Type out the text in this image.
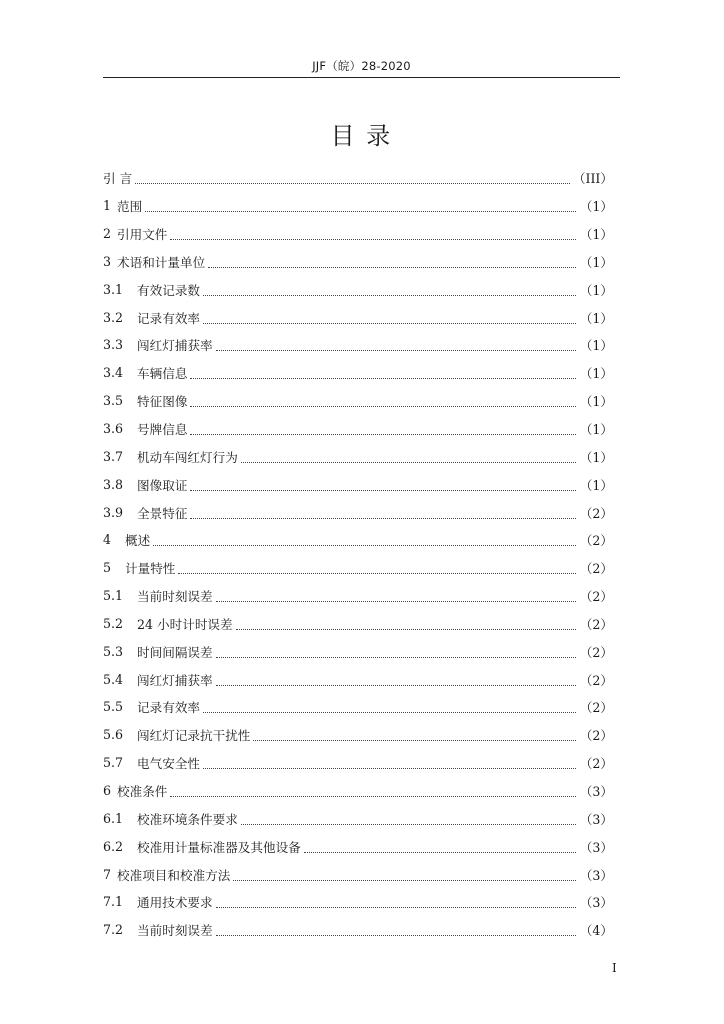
JJF（皖）28-2020
目 录
引 言	（III）
1 范围	（1）
2 引用文件	（1）
3 术语和计量单位	（1）
3.1 有效记录数	（1）
3.2 记录有效率	（1）
3.3 闯红灯捕获率	（1）
3.4 车辆信息	（1）
3.5 特征图像	（1）
3.6 号牌信息	（1）
3.7 机动车闯红灯行为	（1）
3.8 图像取证	（1）
3.9 全景特征	（2）
4 概述	（2）
5 计量特性	（2）
5.1 当前时刻误差	（2）
5.2 24 小时计时误差	（2）
5.3 时间间隔误差	（2）
5.4 闯红灯捕获率	（2）
5.5 记录有效率	（2）
5.6 闯红灯记录抗干扰性	（2）
5.7 电气安全性	（2）
6 校准条件	（3）
6.1 校准环境条件要求	（3）
6.2 校准用计量标准器及其他设备	（3）
7 校准项目和校准方法	（3）
7.1 通用技术要求	（3）
7.2 当前时刻误差	（4）
I
